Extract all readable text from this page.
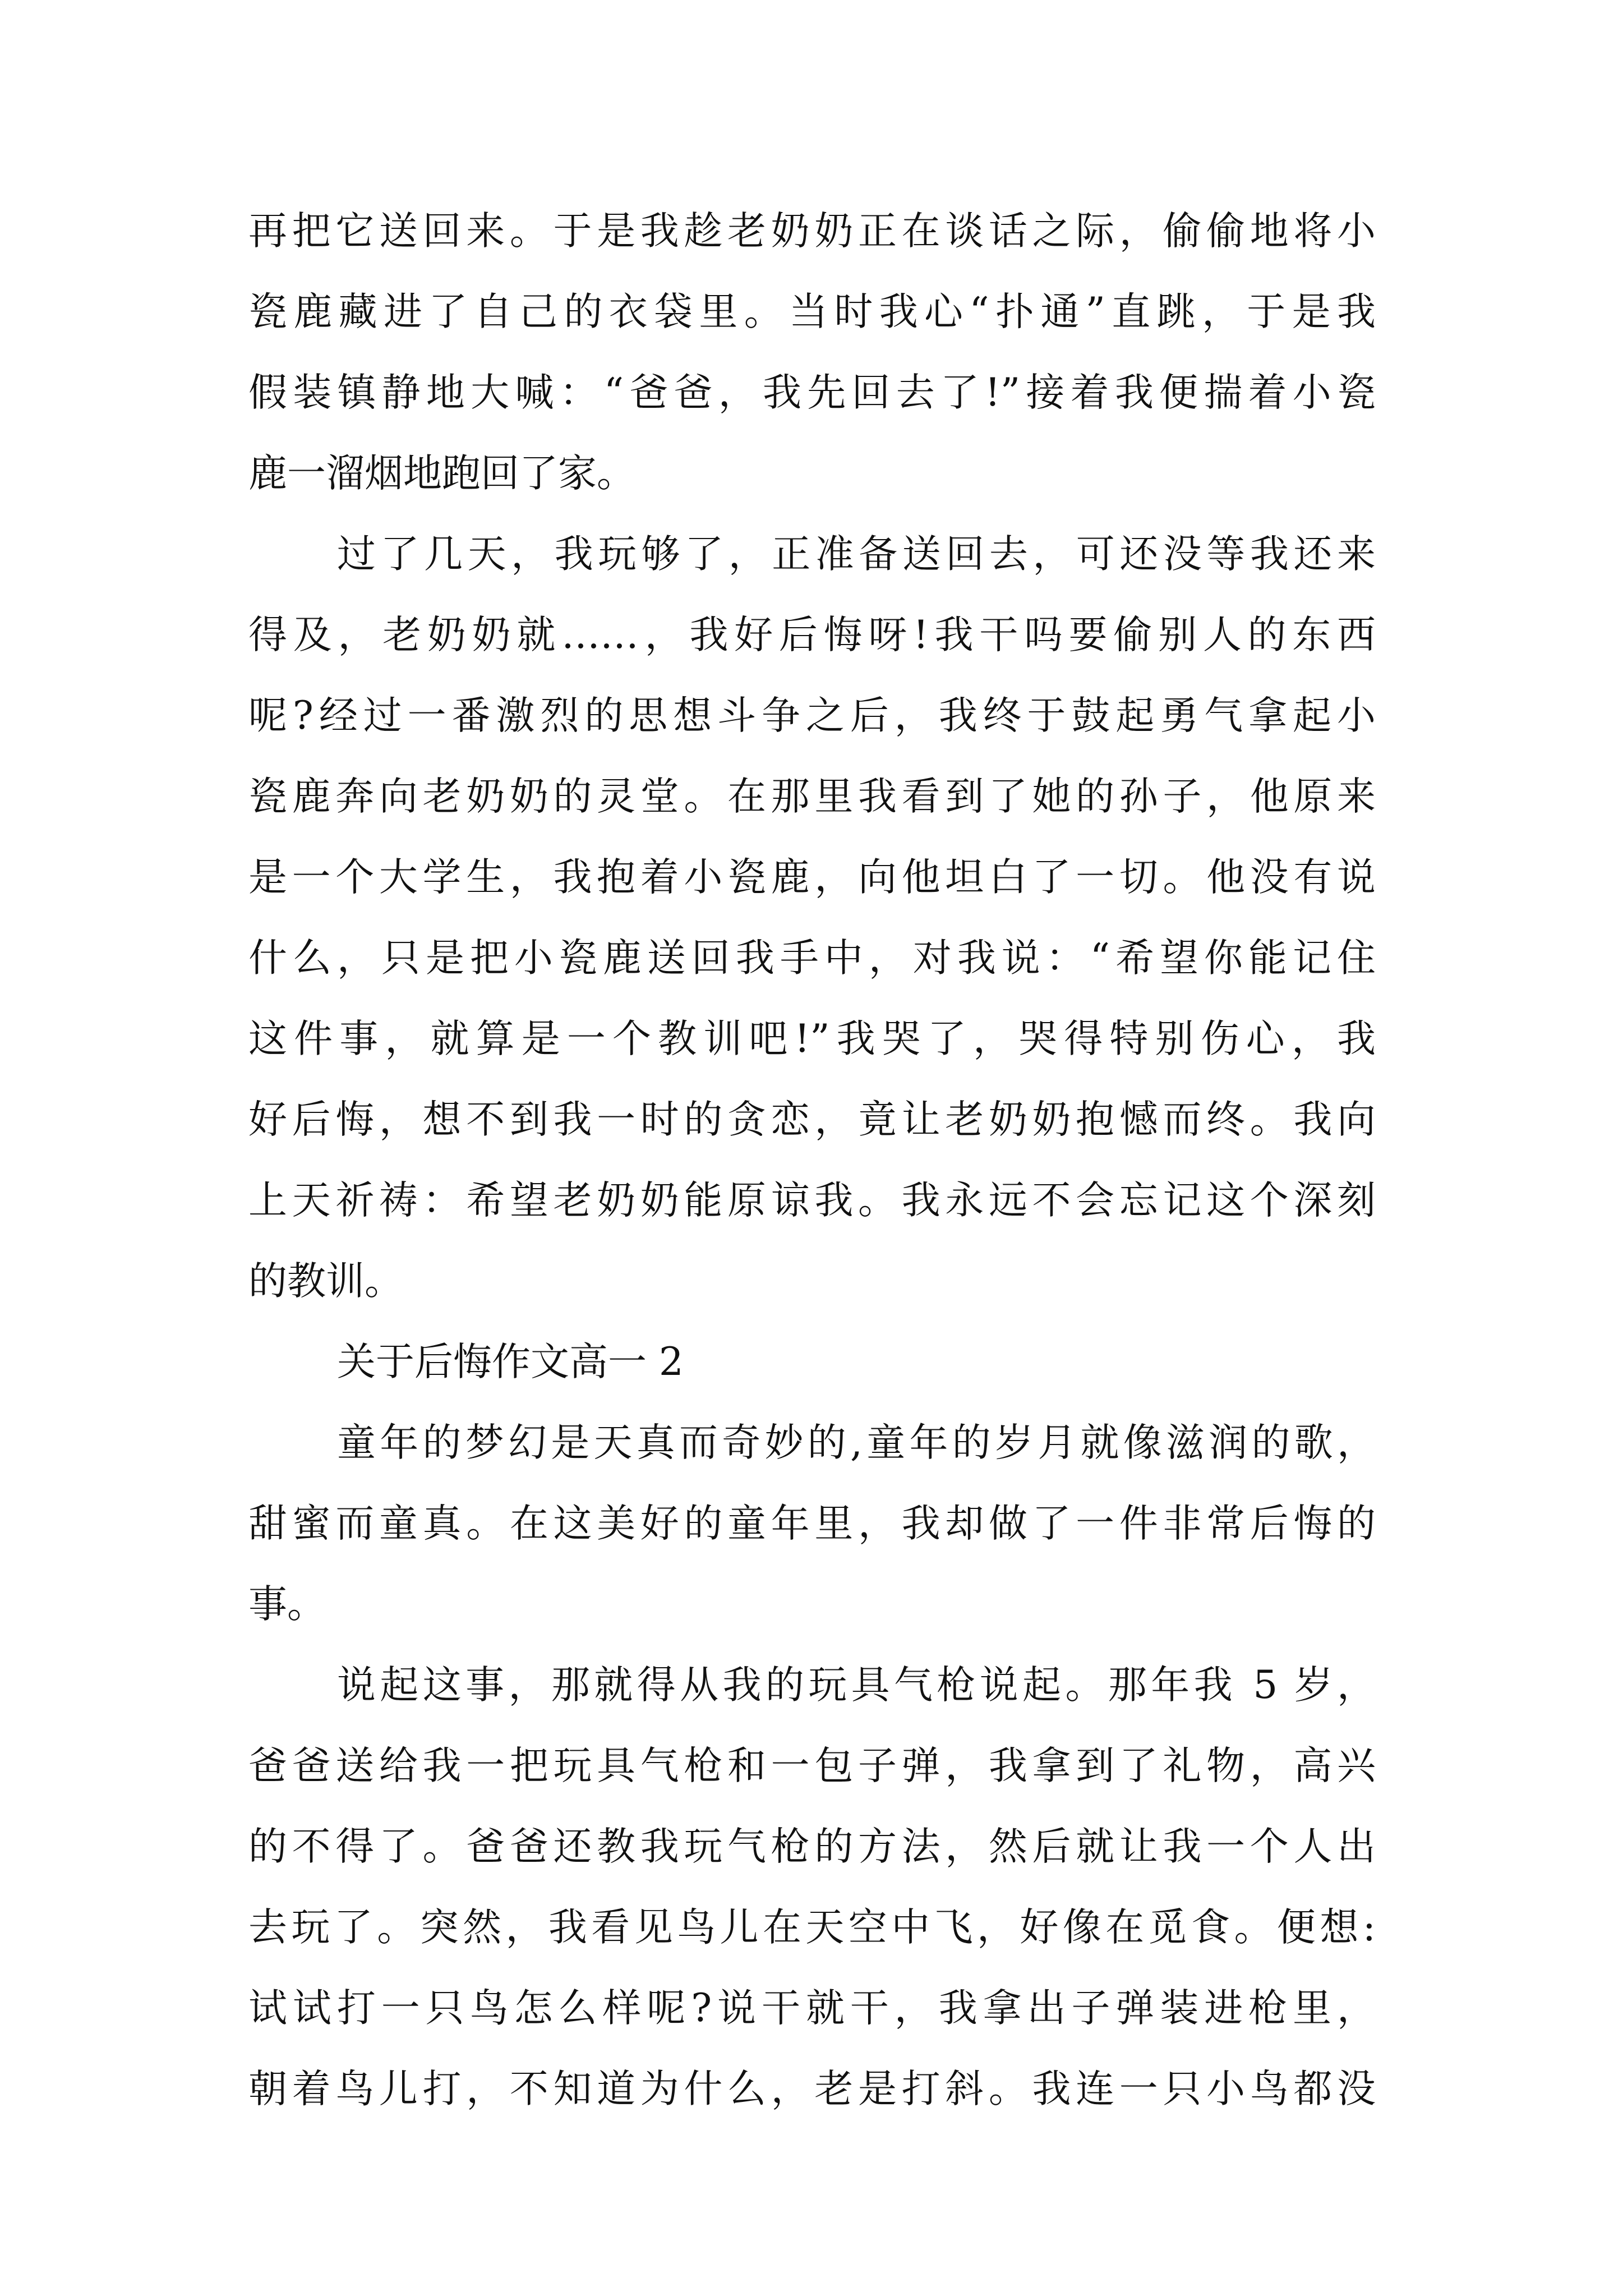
再把它送回来。于是我趁老奶奶正在谈话之际，偷偷地将小
瓷鹿藏进了自己的衣袋里。当时我心“扑通”直跳，于是我
假装镇静地大喊：“爸爸，我先回去了!”接着我便揣着小瓷
鹿一溜烟地跑回了家。
过了几天，我玩够了，正准备送回去，可还没等我还来
得及，老奶奶就……，我好后悔呀!我干吗要偷别人的东西
呢?经过一番激烈的思想斗争之后，我终于鼓起勇气拿起小
瓷鹿奔向老奶奶的灵堂。在那里我看到了她的孙子，他原来
是一个大学生，我抱着小瓷鹿，向他坦白了一切。他没有说
什么，只是把小瓷鹿送回我手中，对我说：“希望你能记住
这件事，就算是一个教训吧!”我哭了，哭得特别伤心，我
好后悔，想不到我一时的贪恋，竟让老奶奶抱憾而终。我向
上天祈祷：希望老奶奶能原谅我。我永远不会忘记这个深刻
的教训。
关于后悔作文高一 2
童年的梦幻是天真而奇妙的,童年的岁月就像滋润的歌，
甜蜜而童真。在这美好的童年里，我却做了一件非常后悔的
事。
说起这事，那就得从我的玩具气枪说起。那年我 5 岁，
爸爸送给我一把玩具气枪和一包子弹，我拿到了礼物，高兴
的不得了。爸爸还教我玩气枪的方法，然后就让我一个人出
去玩了。突然，我看见鸟儿在天空中飞，好像在觅食。便想:
试试打一只鸟怎么样呢?说干就干，我拿出子弹装进枪里，
朝着鸟儿打，不知道为什么，老是打斜。我连一只小鸟都没
